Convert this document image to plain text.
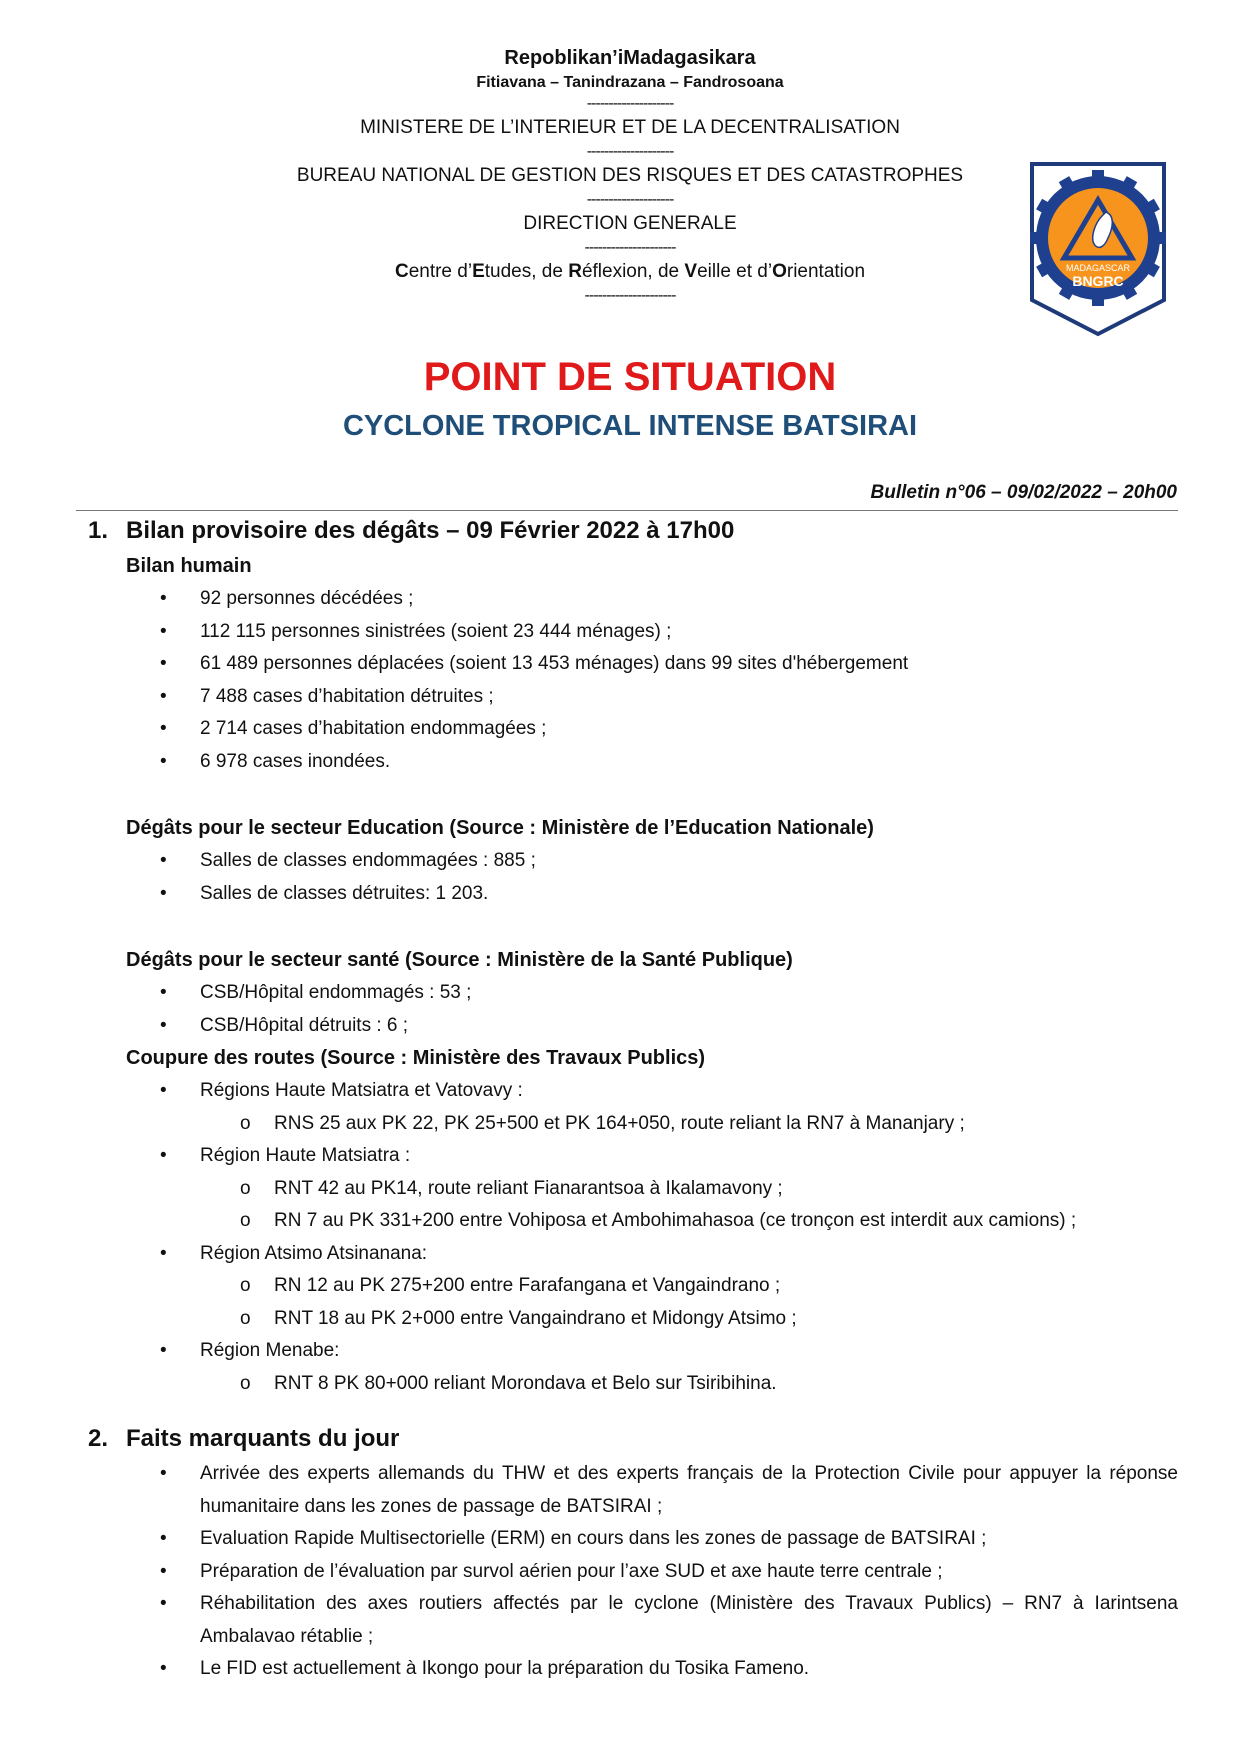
Repoblikan’iMadagasikara
Fitiavana – Tanindrazana – Fandrosoana
--------------------
MINISTERE DE L’INTERIEUR ET DE LA DECENTRALISATION
--------------------
BUREAU NATIONAL DE GESTION DES RISQUES ET DES CATASTROPHES
--------------------
DIRECTION GENERALE
---------------------
Centre d’Etudes, de Réflexion, de Veille et d’Orientation
---------------------
MADAGASCAR
BNGRC
POINT DE SITUATION
CYCLONE TROPICAL INTENSE BATSIRAI
Bulletin n°06 – 09/02/2022 – 20h00
1. Bilan provisoire des dégâts – 09 Février 2022 à 17h00
Bilan humain
• 92 personnes décédées ;
• 112 115 personnes sinistrées (soient 23 444 ménages) ;
• 61 489 personnes déplacées (soient 13 453 ménages) dans 99 sites d'hébergement
• 7 488 cases d’habitation détruites ;
• 2 714 cases d’habitation endommagées ;
• 6 978 cases inondées.
Dégâts pour le secteur Education (Source : Ministère de l’Education Nationale)
• Salles de classes endommagées : 885 ;
• Salles de classes détruites: 1 203.
Dégâts pour le secteur santé (Source : Ministère de la Santé Publique)
• CSB/Hôpital endommagés : 53 ;
• CSB/Hôpital détruits : 6 ;
Coupure des routes (Source : Ministère des Travaux Publics)
• Régions Haute Matsiatra et Vatovavy :
o RNS 25 aux PK 22, PK 25+500 et PK 164+050, route reliant la RN7 à Mananjary ;
• Région Haute Matsiatra :
o RNT 42 au PK14, route reliant Fianarantsoa à Ikalamavony ;
o RN 7 au PK 331+200 entre Vohiposa et Ambohimahasoa (ce tronçon est interdit aux camions) ;
• Région Atsimo Atsinanana:
o RN 12 au PK 275+200 entre Farafangana et Vangaindrano ;
o RNT 18 au PK 2+000 entre Vangaindrano et Midongy Atsimo ;
• Région Menabe:
o RNT 8 PK 80+000 reliant Morondava et Belo sur Tsiribihina.
2. Faits marquants du jour
• Arrivée des experts allemands du THW et des experts français de la Protection Civile pour appuyer la réponse humanitaire dans les zones de passage de BATSIRAI ;
• Evaluation Rapide Multisectorielle (ERM) en cours dans les zones de passage de BATSIRAI ;
• Préparation de l’évaluation par survol aérien pour l’axe SUD et axe haute terre centrale ;
• Réhabilitation des axes routiers affectés par le cyclone (Ministère des Travaux Publics) – RN7 à Iarintsena Ambalavao rétablie ;
• Le FID est actuellement à Ikongo pour la préparation du Tosika Fameno.
